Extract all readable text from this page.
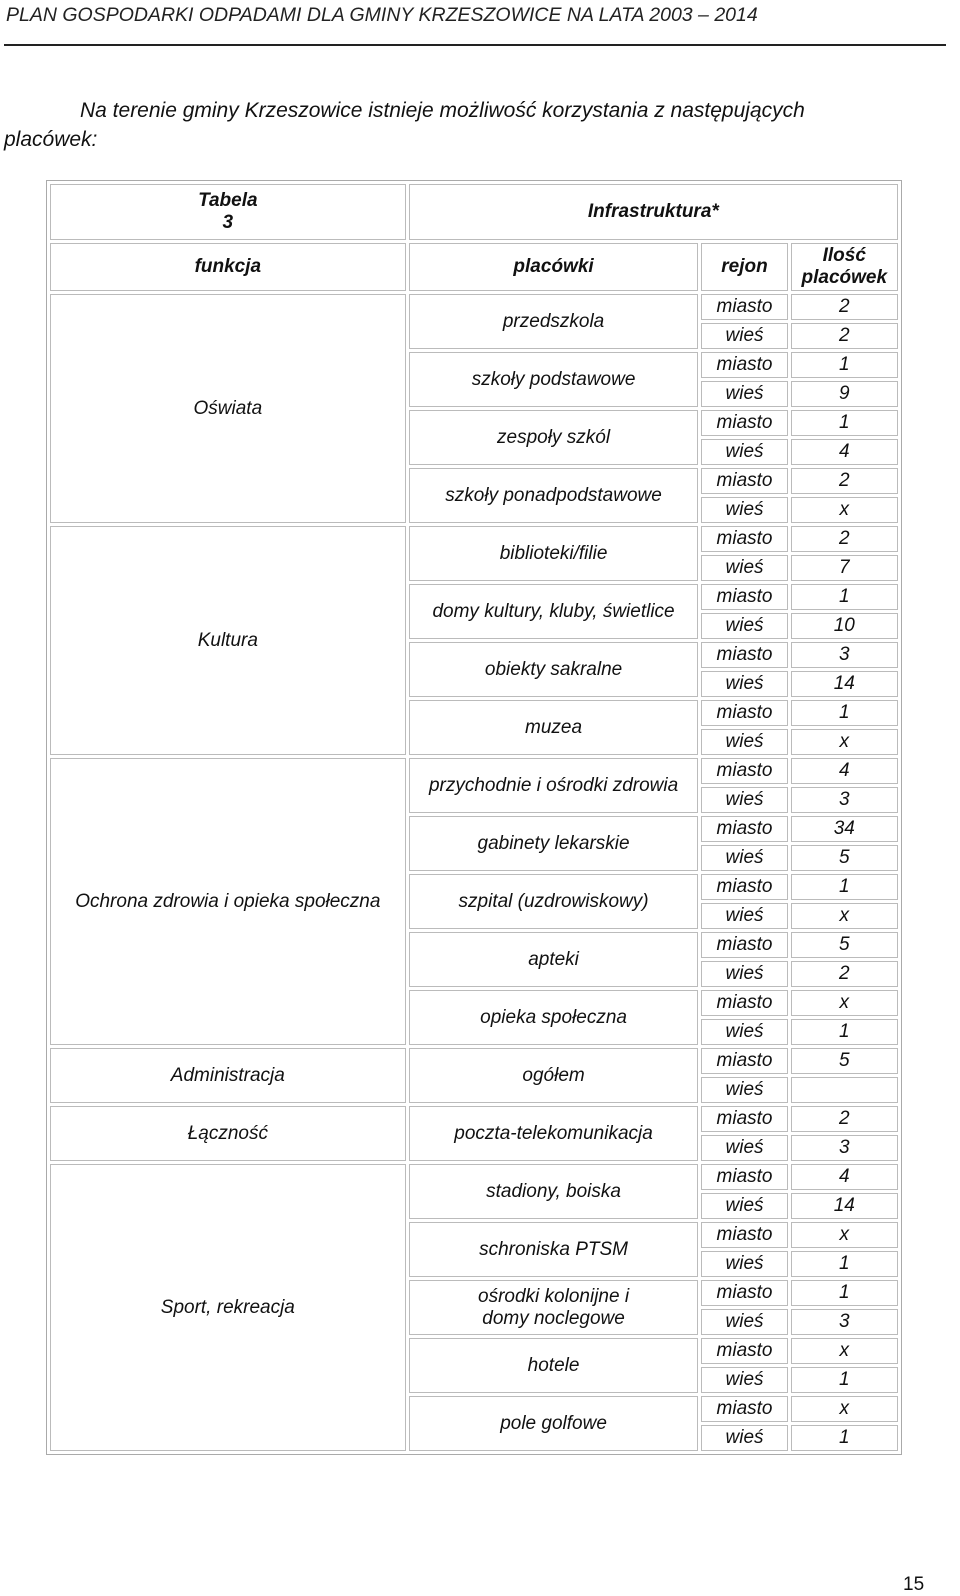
PLAN GOSPODARKI ODPADAMI DLA GMINY KRZESZOWICE NA LATA 2003 – 2014

Na terenie gminy Krzeszowice istnieje możliwość korzystania z następujących
placówek:

Tabela
3	Infrastruktura*		
funkcja	placówki	rejon	Ilość
placówek
Oświata	przedszkola	miasto	2
		wieś	2
	szkoły podstawowe	miasto	1
		wieś	9
	zespoły szkól	miasto	1
		wieś	4
	szkoły ponadpodstawowe	miasto	2
		wieś	x
Kultura	biblioteki/filie	miasto	2
		wieś	7
	domy kultury, kluby, świetlice	miasto	1
		wieś	10
	obiekty sakralne	miasto	3
		wieś	14
	muzea	miasto	1
		wieś	x
Ochrona zdrowia i opieka społeczna	przychodnie i ośrodki zdrowia	miasto	4
		wieś	3
	gabinety lekarskie	miasto	34
		wieś	5
	szpital (uzdrowiskowy)	miasto	1
		wieś	x
	apteki	miasto	5
		wieś	2
	opieka społeczna	miasto	x
		wieś	1
Administracja	ogółem	miasto	5
		wieś	
Łączność	poczta-telekomunikacja	miasto	2
		wieś	3
Sport, rekreacja	stadiony, boiska	miasto	4
		wieś	14
	schroniska PTSM	miasto	x
		wieś	1
	ośrodki kolonijne i
domy noclegowe	miasto	1
		wieś	3
	hotele	miasto	x
		wieś	1
	pole golfowe	miasto	x
		wieś	1
15
